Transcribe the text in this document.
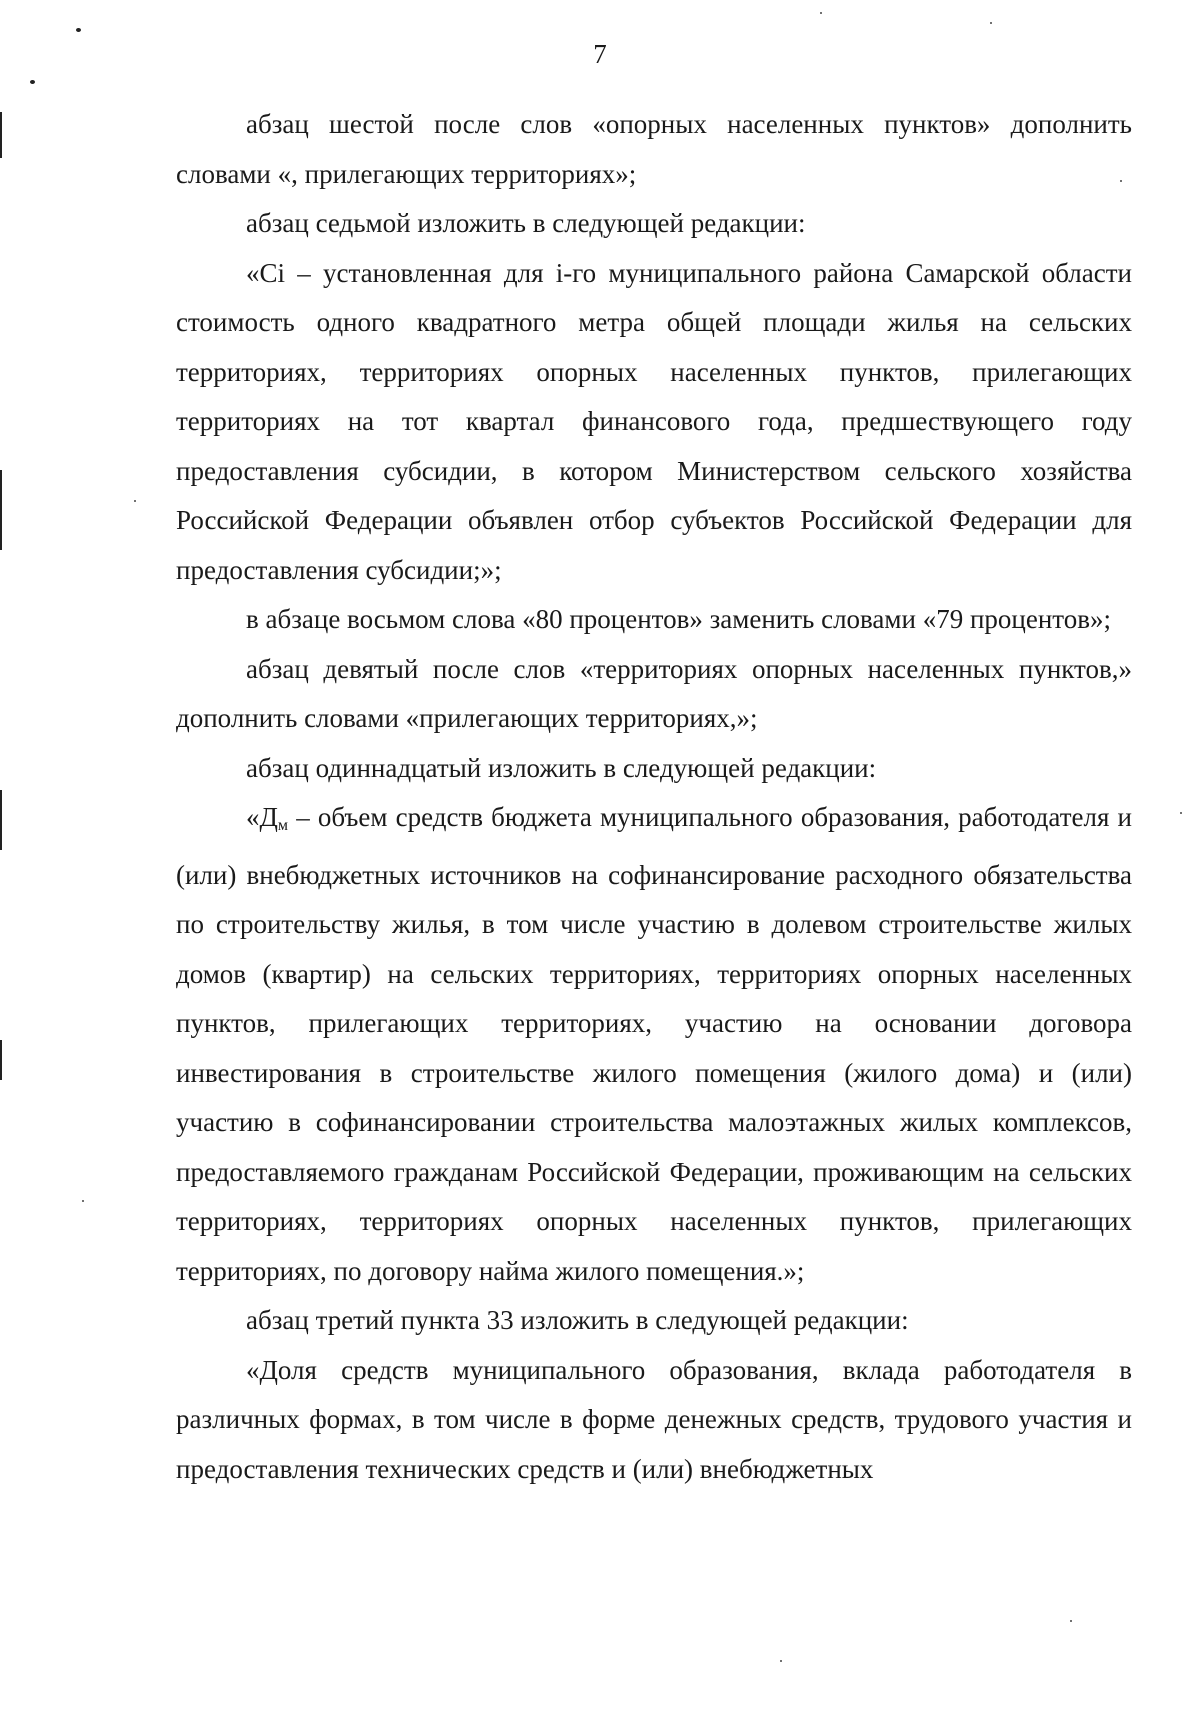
7

абзац шестой после слов «опорных населенных пунктов» дополнить словами «, прилегающих территориях»;

абзац седьмой изложить в следующей редакции:

«Сi – установленная для i-го муниципального района Самарской области стоимость одного квадратного метра общей площади жилья на сельских территориях, территориях опорных населенных пунктов, прилегающих территориях на тот квартал финансового года, предшествующего году предоставления субсидии, в котором Министерством сельского хозяйства Российской Федерации объявлен отбор субъектов Российской Федерации для предоставления субсидии;»;

в абзаце восьмом слова «80 процентов» заменить словами «79 процентов»;

абзац девятый после слов «территориях опорных населенных пунктов,» дополнить словами «прилегающих территориях,»;

абзац одиннадцатый изложить в следующей редакции:

«$Д_м$ – объем средств бюджета муниципального образования, работодателя и (или) внебюджетных источников на софинансирование расходного обязательства по строительству жилья, в том числе участию в долевом строительстве жилых домов (квартир) на сельских территориях, территориях опорных населенных пунктов, прилегающих территориях, участию на основании договора инвестирования в строительстве жилого помещения (жилого дома) и (или) участию в софинансировании строительства малоэтажных жилых комплексов, предоставляемого гражданам Российской Федерации, проживающим на сельских территориях, территориях опорных населенных пунктов, прилегающих территориях, по договору найма жилого помещения.»;

абзац третий пункта 33 изложить в следующей редакции:

«Доля средств муниципального образования, вклада работодателя в различных формах, в том числе в форме денежных средств, трудового участия и предоставления технических средств и (или) внебюджетных
